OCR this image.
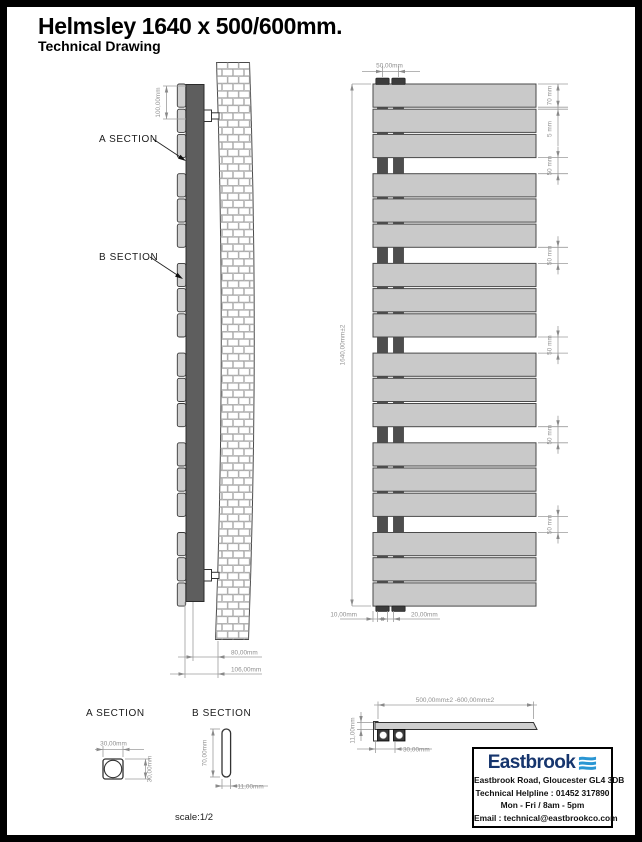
Helmsley 1640 x 500/600mm.
Technical Drawing
50 mm
50 mm
50 mm
50 mm
50 mm
A SECTION
B SECTION
100,00mm
80,00mm
106,00mm
50,00mm
1640,00mm±2
70 mm
5 mm
10,00mm	20,00mm
A SECTION
30,00mm
30,00mm
B SECTION
70,00mm
11,00mm
scale:1/2
500,00mm±2 -600,00mm±2
11,00mm
30,00mm
Eastbrook
Eastbrook Road, Gloucester GL4 3DB
Technical Helpline : 01452 317890
Mon - Fri / 8am - 5pm
Email : technical@eastbrookco.com
